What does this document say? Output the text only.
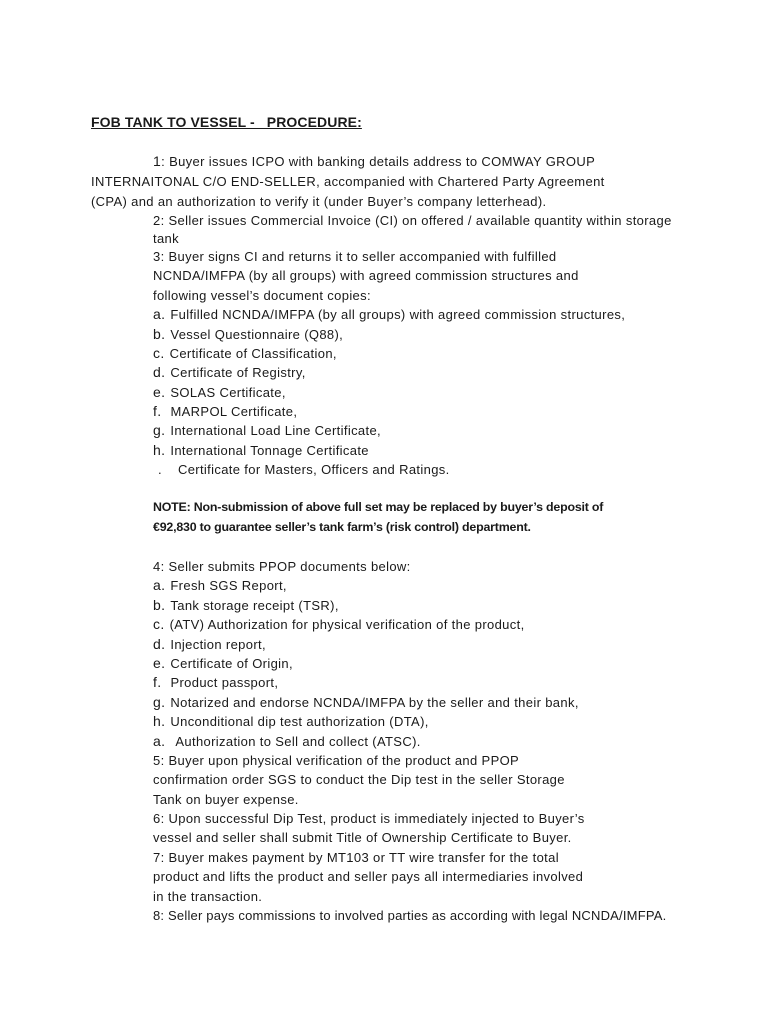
FOB TANK TO VESSEL -   PROCEDURE:
1: Buyer issues ICPO with banking details address to COMWAY GROUP
INTERNAITONAL C/O END-SELLER, accompanied with Chartered Party Agreement
(CPA) and an authorization to verify it (under Buyer’s company letterhead).
2: Seller issues Commercial Invoice (CI) on offered / available quantity within storage
tank
3: Buyer signs CI and returns it to seller accompanied with fulfilled
NCNDA/IMFPA (by all groups) with agreed commission structures and
following vessel’s document copies:
a. Fulfilled NCNDA/IMFPA (by all groups) with agreed commission structures,
b. Vessel Questionnaire (Q88),
c. Certificate of Classification,
d. Certificate of Registry,
e. SOLAS Certificate,
f. MARPOL Certificate,
g. International Load Line Certificate,
h. International Tonnage Certificate
. Certificate for Masters, Officers and Ratings.
NOTE: Non-submission of above full set may be replaced by buyer’s deposit of
€92,830 to guarantee seller’s tank farm’s (risk control) department.
4: Seller submits PPOP documents below:
a. Fresh SGS Report,
b. Tank storage receipt (TSR),
c. (ATV) Authorization for physical verification of the product,
d. Injection report,
e. Certificate of Origin,
f. Product passport,
g. Notarized and endorse NCNDA/IMFPA by the seller and their bank,
h. Unconditional dip test authorization (DTA),
a. Authorization to Sell and collect (ATSC).
5: Buyer upon physical verification of the product and PPOP
confirmation order SGS to conduct the Dip test in the seller Storage
Tank on buyer expense.
6: Upon successful Dip Test, product is immediately injected to Buyer’s
vessel and seller shall submit Title of Ownership Certificate to Buyer.
7: Buyer makes payment by MT103 or TT wire transfer for the total
product and lifts the product and seller pays all intermediaries involved
in the transaction.
8: Seller pays commissions to involved parties as according with legal NCNDA/IMFPA.
